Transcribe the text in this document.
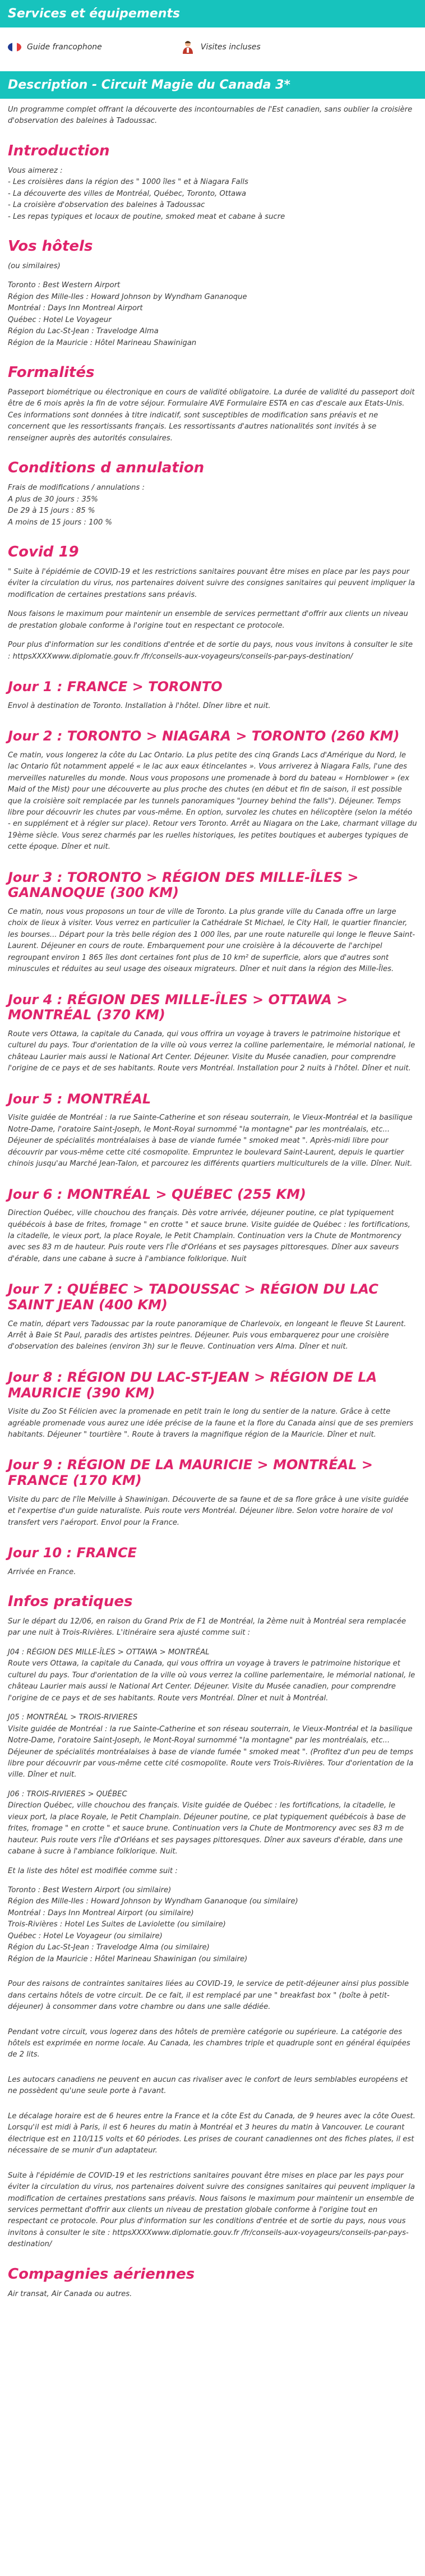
Services et équipements
Guide francophone	Visites incluses
Description - Circuit Magie du Canada 3*

Un programme complet offrant la découverte des incontournables de l'Est canadien, sans oublier la croisière d'observation des baleines à Tadoussac.

Introduction
Vous aimerez :
- Les croisières dans la région des " 1000 îles " et à Niagara Falls
- La découverte des villes de Montréal, Québec, Toronto, Ottawa
- La croisière d'observation des baleines à Tadoussac
- Les repas typiques et locaux de poutine, smoked meat et cabane à sucre
Vos hôtels

(ou similaires)

Toronto : Best Western Airport
Région des Mille-Iles : Howard Johnson by Wyndham Gananoque
Montréal : Days Inn Montreal Airport
Québec : Hotel Le Voyageur
Région du Lac-St-Jean : Travelodge Alma
Région de la Mauricie : Hôtel Marineau Shawinigan
Formalités

Passeport biométrique ou électronique en cours de validité obligatoire. La durée de validité du passeport doit être de 6 mois après la fin de votre séjour. Formulaire AVE Formulaire ESTA en cas d'escale aux Etats-Unis. Ces informations sont données à titre indicatif, sont susceptibles de modification sans préavis et ne concernent que les ressortissants français. Les ressortissants d'autres nationalités sont invités à se renseigner auprès des autorités consulaires.

Conditions d annulation
Frais de modifications / annulations :
A plus de 30 jours : 35%
De 29 à 15 jours : 85 %
A moins de 15 jours : 100 %
Covid 19

" Suite à l'épidémie de COVID-19 et les restrictions sanitaires pouvant être mises en place par les pays pour éviter la circulation du virus, nos partenaires doivent suivre des consignes sanitaires qui peuvent impliquer la modification de certaines prestations sans préavis.

Nous faisons le maximum pour maintenir un ensemble de services permettant d'offrir aux clients un niveau de prestation globale conforme à l'origine tout en respectant ce protocole.

Pour plus d'information sur les conditions d'entrée et de sortie du pays, nous vous invitons à consulter le site : httpsXXXXwww.diplomatie.gouv.fr /fr/conseils-aux-voyageurs/conseils-par-pays-destination/

Jour 1 : FRANCE > TORONTO

Envol à destination de Toronto. Installation à l'hôtel. Dîner libre et nuit.

Jour 2 : TORONTO > NIAGARA > TORONTO (260 KM)

Ce matin, vous longerez la côte du Lac Ontario. La plus petite des cinq Grands Lacs d'Amérique du Nord, le lac Ontario fût notamment appelé « le lac aux eaux étincelantes ». Vous arriverez à Niagara Falls, l'une des merveilles naturelles du monde. Nous vous proposons une promenade à bord du bateau « Hornblower » (ex Maid of the Mist) pour une découverte au plus proche des chutes (en début et fin de saison, il est possible que la croisière soit remplacée par les tunnels panoramiques "Journey behind the falls"). Déjeuner. Temps libre pour découvrir les chutes par vous-même. En option, survolez les chutes en hélicoptère (selon la météo - en supplément et à régler sur place). Retour vers Toronto. Arrêt au Niagara on the Lake, charmant village du 19ème siècle. Vous serez charmés par les ruelles historiques, les petites boutiques et auberges typiques de cette époque. Dîner et nuit.

Jour 3 : TORONTO > RÉGION DES MILLE-ÎLES > GANANOQUE (300 KM)

Ce matin, nous vous proposons un tour de ville de Toronto. La plus grande ville du Canada offre un large choix de lieux à visiter. Vous verrez en particulier la Cathédrale St Michael, le City Hall, le quartier financier, les bourses... Départ pour la très belle région des 1 000 îles, par une route naturelle qui longe le fleuve Saint-Laurent. Déjeuner en cours de route. Embarquement pour une croisière à la découverte de l'archipel regroupant environ 1 865 îles dont certaines font plus de 10 km² de superficie, alors que d'autres sont minuscules et réduites au seul usage des oiseaux migrateurs. Dîner et nuit dans la région des Mille-Îles.

Jour 4 : RÉGION DES MILLE-ÎLES > OTTAWA > MONTRÉAL (370 KM)

Route vers Ottawa, la capitale du Canada, qui vous offrira un voyage à travers le patrimoine historique et culturel du pays. Tour d'orientation de la ville où vous verrez la colline parlementaire, le mémorial national, le château Laurier mais aussi le National Art Center. Déjeuner. Visite du Musée canadien, pour comprendre l'origine de ce pays et de ses habitants. Route vers Montréal. Installation pour 2 nuits à l'hôtel. Dîner et nuit.

Jour 5 : MONTRÉAL

Visite guidée de Montréal : la rue Sainte-Catherine et son réseau souterrain, le Vieux-Montréal et la basilique Notre-Dame, l'oratoire Saint-Joseph, le Mont-Royal surnommé "la montagne" par les montréalais, etc... Déjeuner de spécialités montréalaises à base de viande fumée " smoked meat ". Après-midi libre pour découvrir par vous-même cette cité cosmopolite. Empruntez le boulevard Saint-Laurent, depuis le quartier chinois jusqu'au Marché Jean-Talon, et parcourez les différents quartiers multiculturels de la ville. Dîner. Nuit.

Jour 6 : MONTRÉAL > QUÉBEC (255 KM)

Direction Québec, ville chouchou des français. Dès votre arrivée, déjeuner poutine, ce plat typiquement québécois à base de frites, fromage " en crotte " et sauce brune. Visite guidée de Québec : les fortifications, la citadelle, le vieux port, la place Royale, le Petit Champlain. Continuation vers la Chute de Montmorency avec ses 83 m de hauteur. Puis route vers l'Île d'Orléans et ses paysages pittoresques. Dîner aux saveurs d'érable, dans une cabane à sucre à l'ambiance folklorique. Nuit

Jour 7 : QUÉBEC > TADOUSSAC > RÉGION DU LAC SAINT JEAN (400 KM)

Ce matin, départ vers Tadoussac par la route panoramique de Charlevoix, en longeant le fleuve St Laurent. Arrêt à Baie St Paul, paradis des artistes peintres. Déjeuner. Puis vous embarquerez pour une croisière d'observation des baleines (environ 3h) sur le fleuve. Continuation vers Alma. Dîner et nuit.

Jour 8 : RÉGION DU LAC-ST-JEAN > RÉGION DE LA MAURICIE (390 KM)

Visite du Zoo St Félicien avec la promenade en petit train le long du sentier de la nature. Grâce à cette agréable promenade vous aurez une idée précise de la faune et la flore du Canada ainsi que de ses premiers habitants. Déjeuner " tourtière ". Route à travers la magnifique région de la Mauricie. Dîner et nuit.

Jour 9 : RÉGION DE LA MAURICIE > MONTRÉAL > FRANCE (170 KM)

Visite du parc de l'île Melville à Shawinigan. Découverte de sa faune et de sa flore grâce à une visite guidée et l'expertise d'un guide naturaliste. Puis route vers Montréal. Déjeuner libre. Selon votre horaire de vol transfert vers l'aéroport. Envol pour la France.

Jour 10 : FRANCE

Arrivée en France.

Infos pratiques

Sur le départ du 12/06, en raison du Grand Prix de F1 de Montréal, la 2ème nuit à Montréal sera remplacée par une nuit à Trois-Rivières. L'itinéraire sera ajusté comme suit :

J04 : RÉGION DES MILLE-ÎLES > OTTAWA > MONTRÉAL
Route vers Ottawa, la capitale du Canada, qui vous offrira un voyage à travers le patrimoine historique et culturel du pays. Tour d'orientation de la ville où vous verrez la colline parlementaire, le mémorial national, le château Laurier mais aussi le National Art Center. Déjeuner. Visite du Musée canadien, pour comprendre l'origine de ce pays et de ses habitants. Route vers Montréal. Dîner et nuit à Montréal.
J05 : MONTRÉAL > TROIS-RIVIERES
Visite guidée de Montréal : la rue Sainte-Catherine et son réseau souterrain, le Vieux-Montréal et la basilique Notre-Dame, l'oratoire Saint-Joseph, le Mont-Royal surnommé "la montagne" par les montréalais, etc... Déjeuner de spécialités montréalaises à base de viande fumée " smoked meat ". (Profitez d'un peu de temps libre pour découvrir par vous-même cette cité cosmopolite. Route vers Trois-Rivières. Tour d'orientation de la ville. Dîner et nuit.
J06 : TROIS-RIVIERES > QUÉBEC
Direction Québec, ville chouchou des français. Visite guidée de Québec : les fortifications, la citadelle, le vieux port, la place Royale, le Petit Champlain. Déjeuner poutine, ce plat typiquement québécois à base de frites, fromage " en crotte " et sauce brune. Continuation vers la Chute de Montmorency avec ses 83 m de hauteur. Puis route vers l'Île d'Orléans et ses paysages pittoresques. Dîner aux saveurs d'érable, dans une cabane à sucre à l'ambiance folklorique. Nuit.

Et la liste des hôtel est modifiée comme suit :

Toronto : Best Western Airport (ou similaire)
Région des Mille-Iles : Howard Johnson by Wyndham Gananoque (ou similaire)
Montréal : Days Inn Montreal Airport (ou similaire)
Trois-Rivières : Hotel Les Suites de Laviolette (ou similaire)
Québec : Hotel Le Voyageur (ou similaire)
Région du Lac-St-Jean : Travelodge Alma (ou similaire)
Région de la Mauricie : Hôtel Marineau Shawinigan (ou similaire)

Pour des raisons de contraintes sanitaires liées au COVID-19, le service de petit-déjeuner ainsi plus possible dans certains hôtels de votre circuit. De ce fait, il est remplacé par une " breakfast box " (boîte à petit-déjeuner) à consommer dans votre chambre ou dans une salle dédiée.

Pendant votre circuit, vous logerez dans des hôtels de première catégorie ou supérieure. La catégorie des hôtels est exprimée en norme locale. Au Canada, les chambres triple et quadruple sont en général équipées de 2 lits.

Les autocars canadiens ne peuvent en aucun cas rivaliser avec le confort de leurs semblables européens et ne possèdent qu'une seule porte à l'avant.

Le décalage horaire est de 6 heures entre la France et la côte Est du Canada, de 9 heures avec la côte Ouest. Lorsqu'il est midi à Paris, il est 6 heures du matin à Montréal et 3 heures du matin à Vancouver. Le courant électrique est en 110/115 volts et 60 périodes. Les prises de courant canadiennes ont des fiches plates, il est nécessaire de se munir d'un adaptateur.

Suite à l'épidémie de COVID-19 et les restrictions sanitaires pouvant être mises en place par les pays pour éviter la circulation du virus, nos partenaires doivent suivre des consignes sanitaires qui peuvent impliquer la modification de certaines prestations sans préavis. Nous faisons le maximum pour maintenir un ensemble de services permettant d'offrir aux clients un niveau de prestation globale conforme à l'origine tout en respectant ce protocole. Pour plus d'information sur les conditions d'entrée et de sortie du pays, nous vous invitons à consulter le site : httpsXXXXwww.diplomatie.gouv.fr /fr/conseils-aux-voyageurs/conseils-par-pays-destination/

Compagnies aériennes

Air transat, Air Canada ou autres.
